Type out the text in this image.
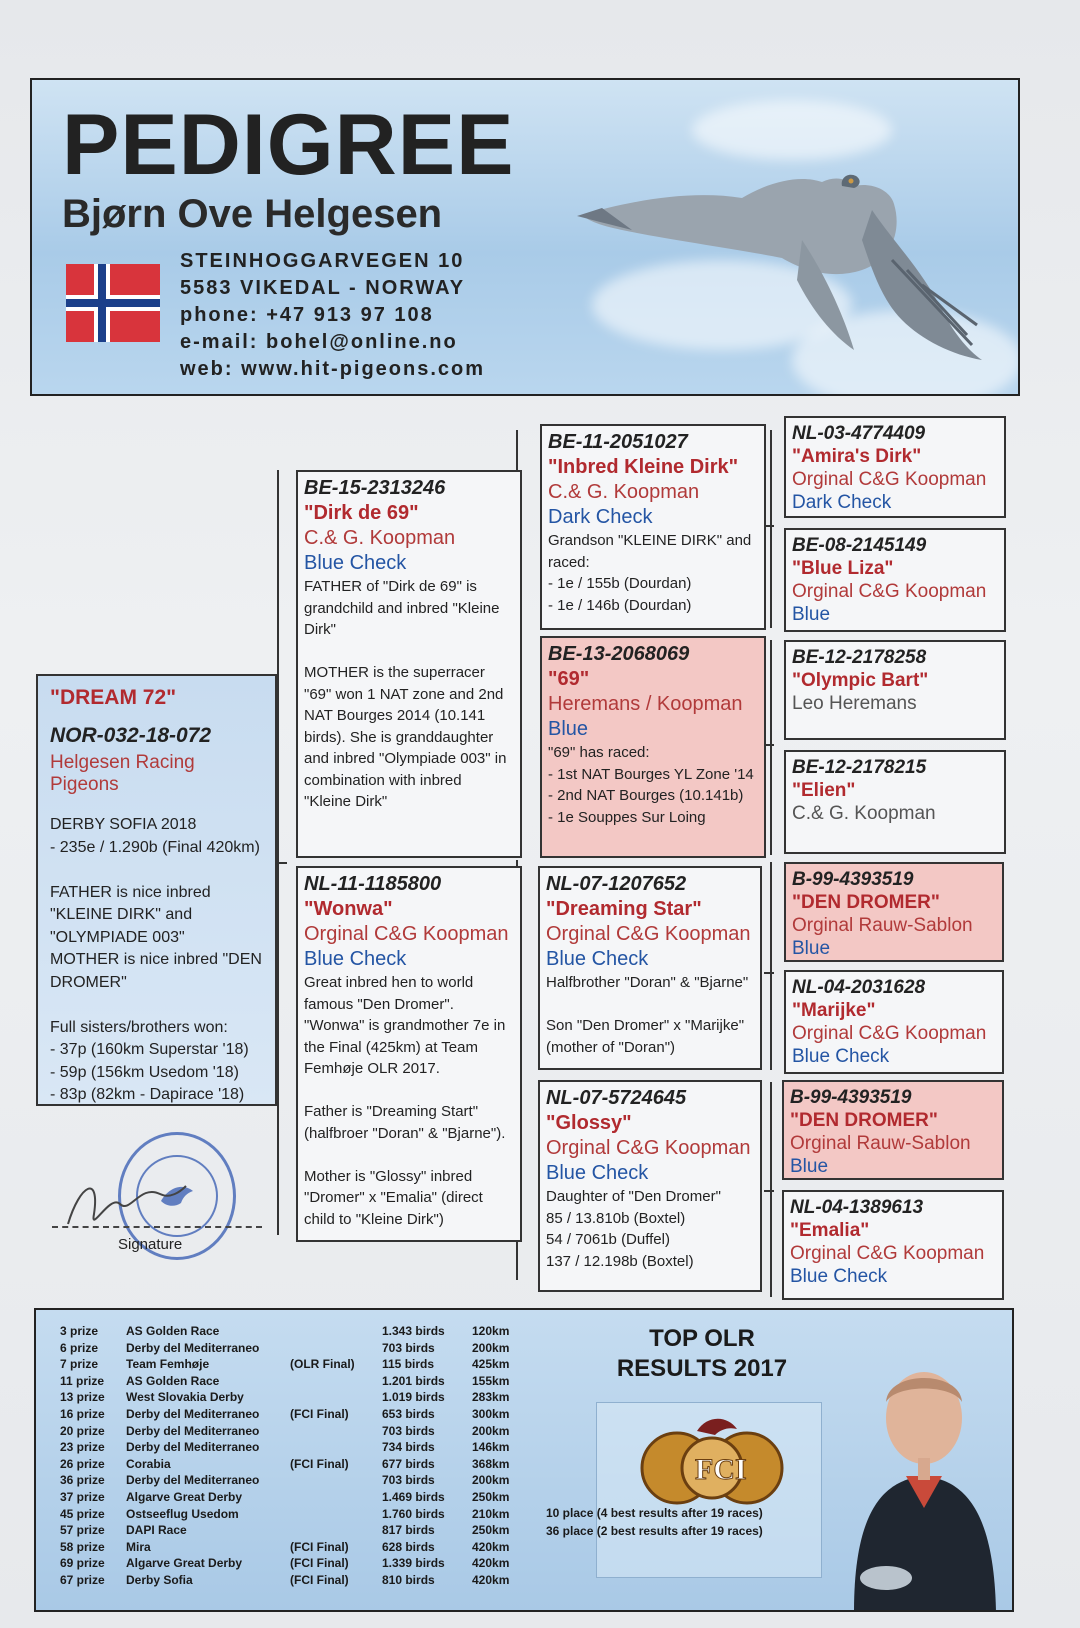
PEDIGREE
Bjørn Ove Helgesen
STEINHOGGARVEGEN 10
5583 VIKEDAL - NORWAY
phone: +47 913 97 108
e-mail: bohel@online.no
web: www.hit-pigeons.com
"DREAM 72"
NOR-032-18-072
Helgesen Racing Pigeons
DERBY SOFIA 2018
- 235e / 1.290b (Final 420km)

FATHER is nice inbred
"KLEINE DIRK" and
"OLYMPIADE 003"
MOTHER is nice inbred "DEN
DROMER"

Full sisters/brothers won:
- 37p (160km Superstar '18)
- 59p (156km Usedom '18)
- 83p (82km - Dapirace '18)
BE-15-2313246
"Dirk de 69"
C.& G. Koopman
Blue Check
FATHER of "Dirk de 69" is
grandchild and inbred "Kleine
Dirk"

MOTHER is the superracer
"69" won 1 NAT zone and 2nd
NAT Bourges 2014 (10.141
birds). She is granddaughter
and inbred "Olympiade 003" in
combination with inbred
"Kleine Dirk"
NL-11-1185800
"Wonwa"
Orginal C&G Koopman
Blue Check
Great inbred hen to world
famous "Den Dromer".
"Wonwa" is grandmother 7e in
the Final (425km) at Team
Femhøje OLR 2017.

Father is "Dreaming Start"
(halfbroer "Doran" & "Bjarne").

Mother is "Glossy" inbred
"Dromer" x "Emalia" (direct
child to "Kleine Dirk")
BE-11-2051027
"Inbred Kleine Dirk"
C.& G. Koopman
Dark Check
Grandson "KLEINE DIRK" and
raced:
- 1e / 155b (Dourdan)
- 1e / 146b (Dourdan)
BE-13-2068069
"69"
Heremans / Koopman
Blue
"69" has raced:
- 1st NAT Bourges YL Zone '14
- 2nd NAT Bourges (10.141b)
- 1e Souppes Sur Loing
NL-07-1207652
"Dreaming Star"
Orginal C&G Koopman
Blue Check
Halfbrother "Doran" & "Bjarne"

Son "Den Dromer" x "Marijke"
(mother of "Doran")
NL-07-5724645
"Glossy"
Orginal C&G Koopman
Blue Check
Daughter of "Den Dromer"
85 / 13.810b (Boxtel)
54 / 7061b (Duffel)
137 / 12.198b (Boxtel)
NL-03-4774409
"Amira's Dirk"
Orginal C&G Koopman
Dark Check
BE-08-2145149
"Blue Liza"
Orginal C&G Koopman
Blue
BE-12-2178258
"Olympic Bart"
Leo Heremans
BE-12-2178215
"Elien"
C.& G. Koopman
B-99-4393519
"DEN DROMER"
Orginal Rauw-Sablon
Blue
NL-04-2031628
"Marijke"
Orginal C&G Koopman
Blue Check
B-99-4393519
"DEN DROMER"
Orginal Rauw-Sablon
Blue
NL-04-1389613
"Emalia"
Orginal C&G Koopman
Blue Check
Signature
3 prize AS Golden Race	1.343 birds 120km
6 prize Derby del Mediterraneo	703 birds	200km
7 prize Team Femhøje	(OLR Final) 115 birds	425km
11 prize AS Golden Race	1.201 birds 155km
13 prize West Slovakia Derby	1.019 birds 283km
16 prize Derby del Mediterraneo	(FCI Final)	653 birds	300km
20 prize Derby del Mediterraneo	703 birds	200km
23 prize Derby del Mediterraneo	734 birds	146km
26 prize Corabia	(FCI Final)	677 birds	368km
36 prize Derby del Mediterraneo	703 birds	200km
37 prize Algarve Great Derby	1.469 birds 250km
45 prize Ostseeflug Usedom	1.760 birds 210km
57 prize DAPI Race	817 birds	250km
58 prize Mira	(FCI Final)	628 birds	420km
69 prize Algarve Great Derby	(FCI Final)	1.339 birds 420km
67 prize Derby Sofia	(FCI Final)	810 birds	420km
TOP OLR
RESULTS 2017
FCI
10 place (4 best results after 19 races)
36 place (2 best results after 19 races)
